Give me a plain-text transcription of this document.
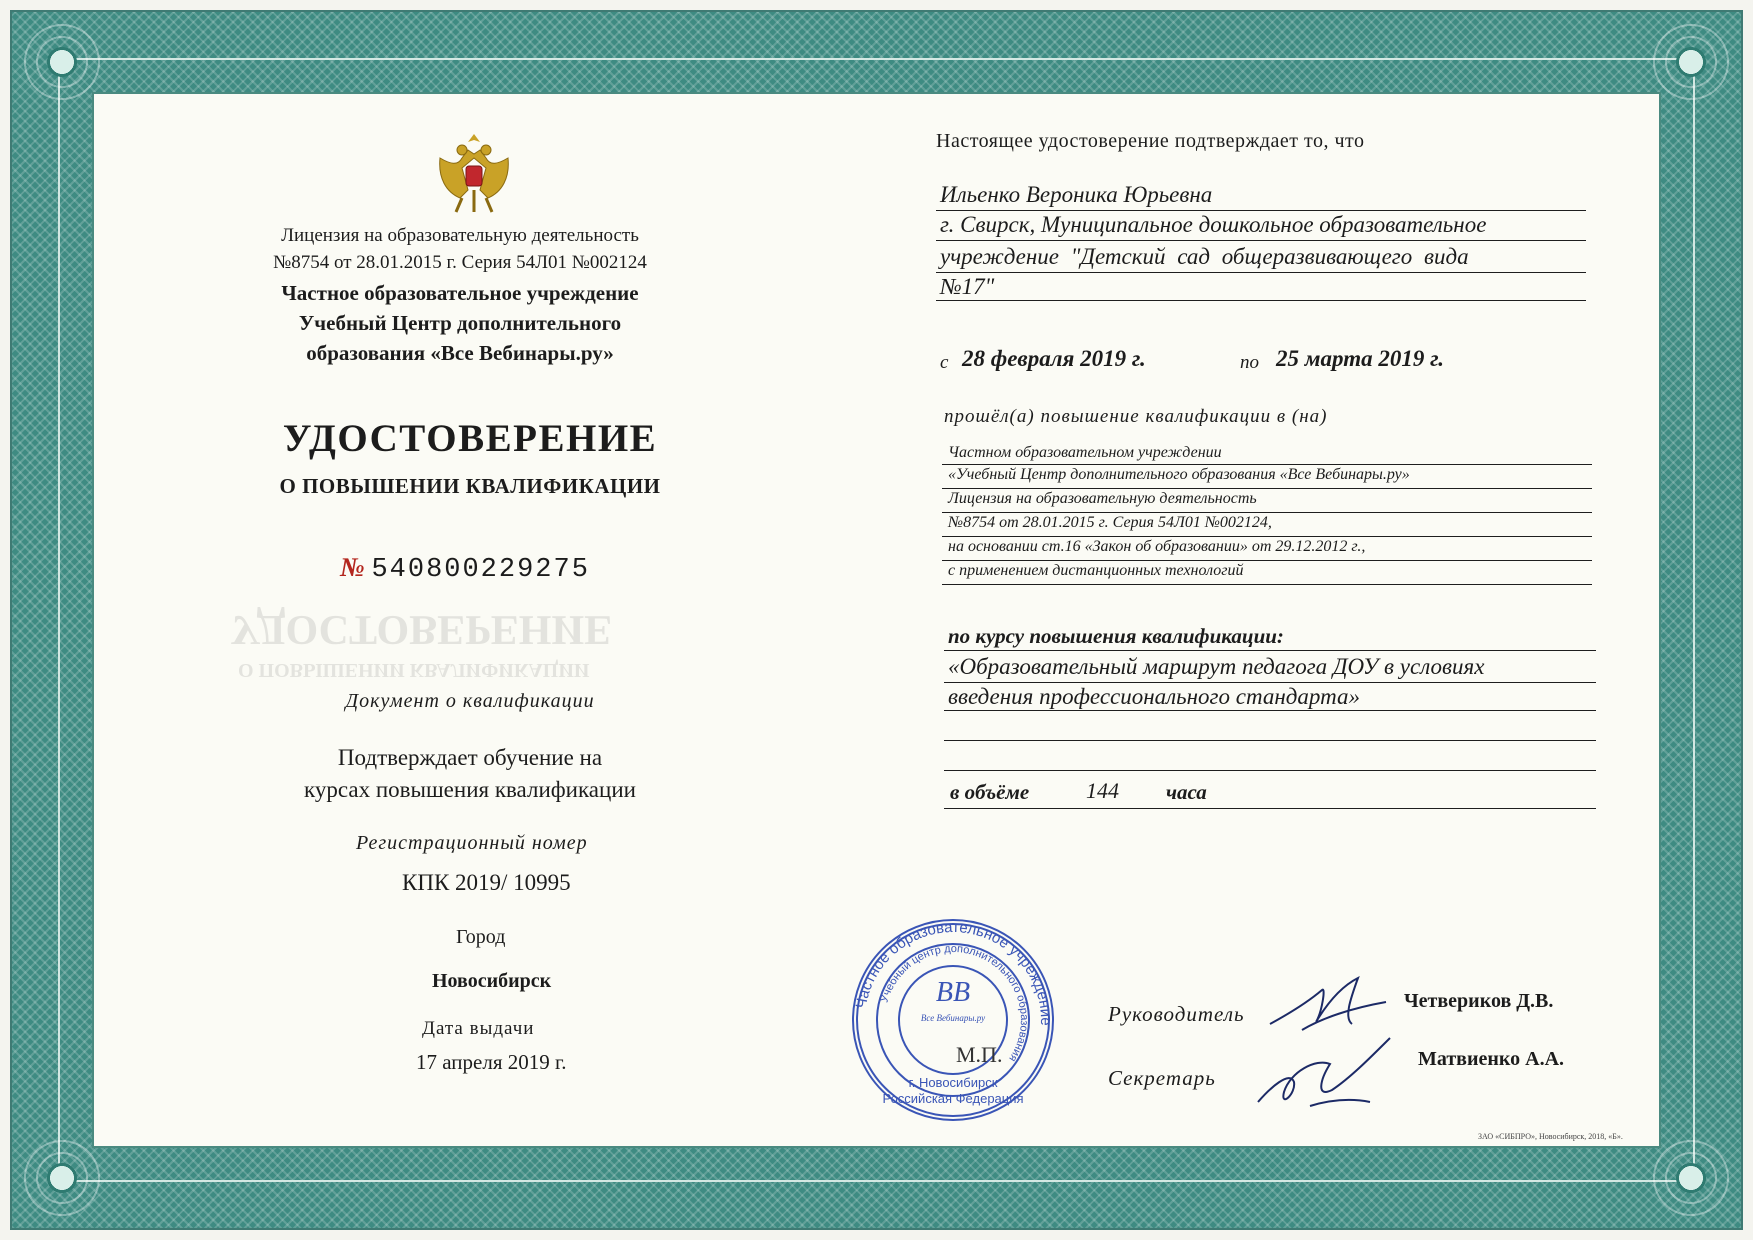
Лицензия на образовательную деятельность
№8754 от 28.01.2015 г. Серия 54Л01 №002124
Частное образовательное учреждение
Учебный Центр дополнительного
образования «Все Вебинары.ру»
УДОСТОВЕРЕНИЕ
О ПОВЫШЕНИИ КВАЛИФИКАЦИИ
№ 540800229275
УДОСТОВЕРЕНИЕ
О ПОВЫШЕНИИ КВАЛИФИКАЦИИ
Документ о квалификации
Подтверждает обучение на
курсах повышения квалификации
Регистрационный номер
КПК 2019/ 10995
Город
Новосибирск
Дата выдачи
17 апреля 2019 г.
Настоящее удостоверение подтверждает то, что
Ильенко Вероника Юрьевна
г. Свирск, Муниципальное дошкольное образовательное
учреждение "Детский сад общеразвивающего вида
№17"
с 28 февраля 2019 г.	по 25 марта 2019 г.
прошёл(а) повышение квалификации в (на)
Частном образовательном учреждении
«Учебный Центр дополнительного образования «Все Вебинары.ру»
Лицензия на образовательную деятельность
№8754 от 28.01.2015 г. Серия 54Л01 №002124,
на основании ст.16 «Закон об образовании» от 29.12.2012 г.,
с применением дистанционных технологий
по курсу повышения квалификации:
«Образовательный маршрут педагога ДОУ в условиях
введения профессионального стандарта»
в объёме	144 часа
Частное образовательное учреждение
Учебный центр дополнительного образования
ВВ
Все Вебинары.ру
г. Новосибирск
Российская Федерация
М.П.
Руководитель
Четвериков Д.В.
Секретарь
Матвиенко А.А.
ЗАО «СИБПРО», Новосибирск, 2018, «Б».
